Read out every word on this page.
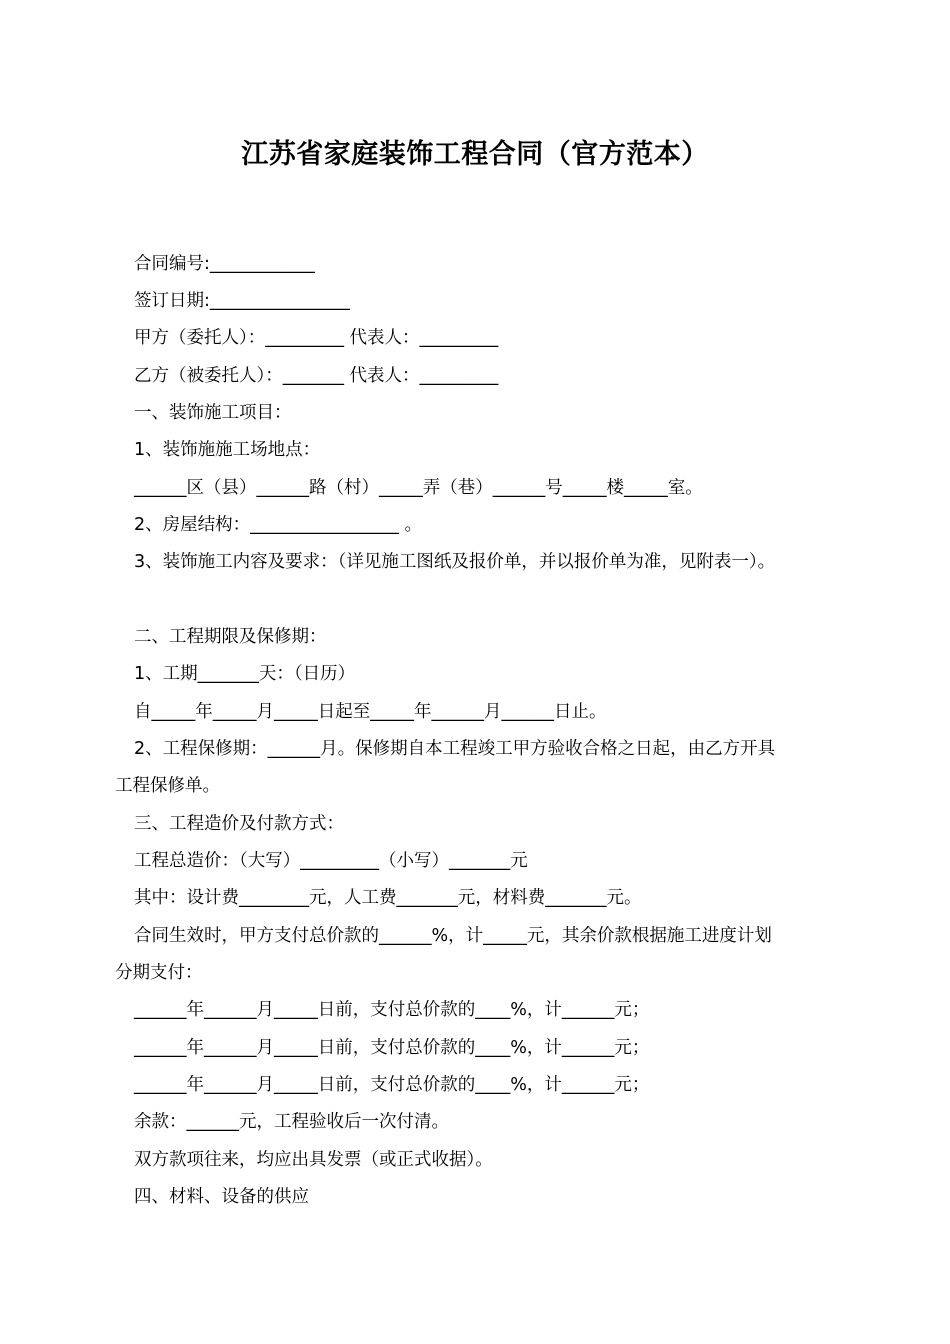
江苏省家庭装饰工程合同（官方范本）
合同编号:____________
签订日期:________________
甲方（委托人）：_________ 代表人：_________
乙方（被委托人）：_______ 代表人：_________
一、装饰施工项目：
1、装饰施施工场地点：
______区（县）______路（村）_____弄（巷）______号_____楼_____室。
2、房屋结构：_________________ 。
3、装饰施工内容及要求：（详见施工图纸及报价单，并以报价单为准，见附表一）。
二、工程期限及保修期：
1、工期_______天：（日历）
自_____年_____月_____日起至_____年______月______日止。
2、工程保修期：______月。保修期自本工程竣工甲方验收合格之日起，由乙方开具
工程保修单。
三、工程造价及付款方式：
工程总造价：（大写）_________（小写）_______元
其中：设计费________元，人工费_______元，材料费_______元。
合同生效时，甲方支付总价款的______%，计_____元，其余价款根据施工进度计划
分期支付：
______年______月_____日前，支付总价款的____%，计______元；
______年______月_____日前，支付总价款的____%，计______元；
______年______月_____日前，支付总价款的____%，计______元；
余款：______元，工程验收后一次付清。
双方款项往来，均应出具发票（或正式收据）。
四、材料、设备的供应
